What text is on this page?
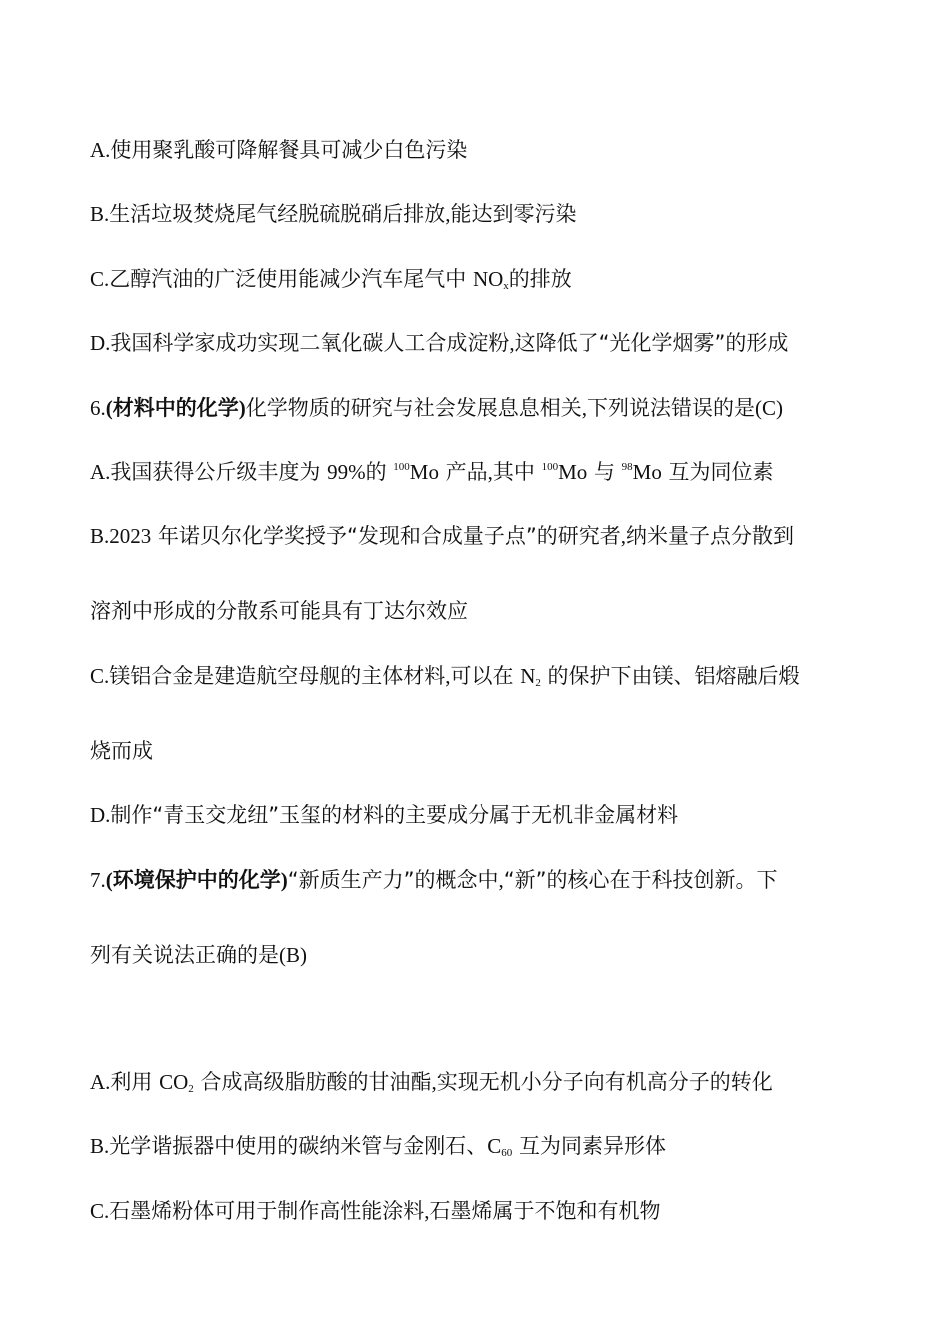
A.使用聚乳酸可降解餐具可减少白色污染
B.生活垃圾焚烧尾气经脱硫脱硝后排放,能达到零污染
C.乙醇汽油的广泛使用能减少汽车尾气中 $NO_x$的排放
D.我国科学家成功实现二氧化碳人工合成淀粉,这降低了“光化学烟雾”的形成
6.(材料中的化学)化学物质的研究与社会发展息息相关,下列说法错误的是(C)
A.我国获得公斤级丰度为 99%的 $^{100}$Mo 产品,其中 $^{100}$Mo 与 $^{98}$Mo 互为同位素
B.2023 年诺贝尔化学奖授予“发现和合成量子点”的研究者,纳米量子点分散到
溶剂中形成的分散系可能具有丁达尔效应
C.镁铝合金是建造航空母舰的主体材料,可以在 $N_2$ 的保护下由镁、铝熔融后煅
烧而成
D.制作“青玉交龙纽”玉玺的材料的主要成分属于无机非金属材料
7.(环境保护中的化学)“新质生产力”的概念中,“新”的核心在于科技创新。下
列有关说法正确的是(B)
A.利用 $CO_2$ 合成高级脂肪酸的甘油酯,实现无机小分子向有机高分子的转化
B.光学谐振器中使用的碳纳米管与金刚石、$C_{60}$ 互为同素异形体
C.石墨烯粉体可用于制作高性能涂料,石墨烯属于不饱和有机物
